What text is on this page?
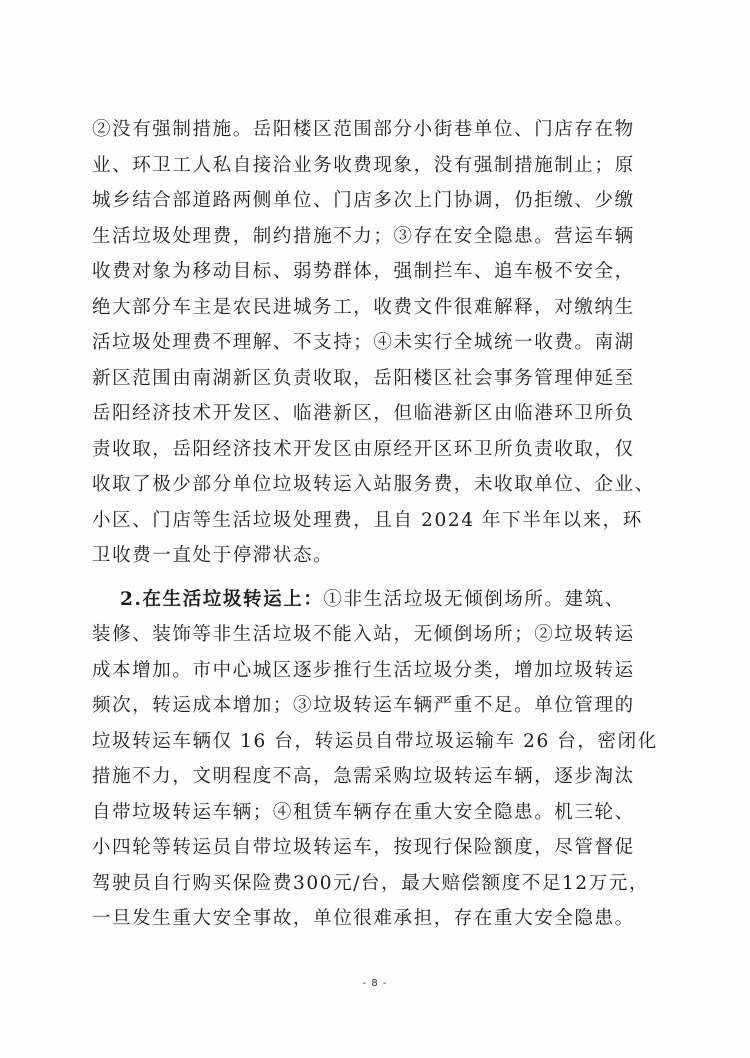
②没有强制措施。岳阳楼区范围部分小街巷单位、门店存在物
业、环卫工人私自接洽业务收费现象，没有强制措施制止；原
城乡结合部道路两侧单位、门店多次上门协调，仍拒缴、少缴
生活垃圾处理费，制约措施不力；③存在安全隐患。营运车辆
收费对象为移动目标、弱势群体，强制拦车、追车极不安全，
绝大部分车主是农民进城务工，收费文件很难解释，对缴纳生
活垃圾处理费不理解、不支持；④未实行全城统一收费。南湖
新区范围由南湖新区负责收取，岳阳楼区社会事务管理伸延至
岳阳经济技术开发区、临港新区，但临港新区由临港环卫所负
责收取，岳阳经济技术开发区由原经开区环卫所负责收取，仅
收取了极少部分单位垃圾转运入站服务费，未收取单位、企业、
小区、门店等生活垃圾处理费，且自 2024 年下半年以来，环
卫收费一直处于停滞状态。
2.在生活垃圾转运上：①非生活垃圾无倾倒场所。建筑、
装修、装饰等非生活垃圾不能入站，无倾倒场所；②垃圾转运
成本增加。市中心城区逐步推行生活垃圾分类，增加垃圾转运
频次，转运成本增加；③垃圾转运车辆严重不足。单位管理的
垃圾转运车辆仅 16 台，转运员自带垃圾运输车 26 台，密闭化
措施不力，文明程度不高，急需采购垃圾转运车辆，逐步淘汰
自带垃圾转运车辆；④租赁车辆存在重大安全隐患。机三轮、
小四轮等转运员自带垃圾转运车，按现行保险额度，尽管督促
驾驶员自行购买保险费300元/台，最大赔偿额度不足12万元，
一旦发生重大安全事故，单位很难承担，存在重大安全隐患。
- 8 -
